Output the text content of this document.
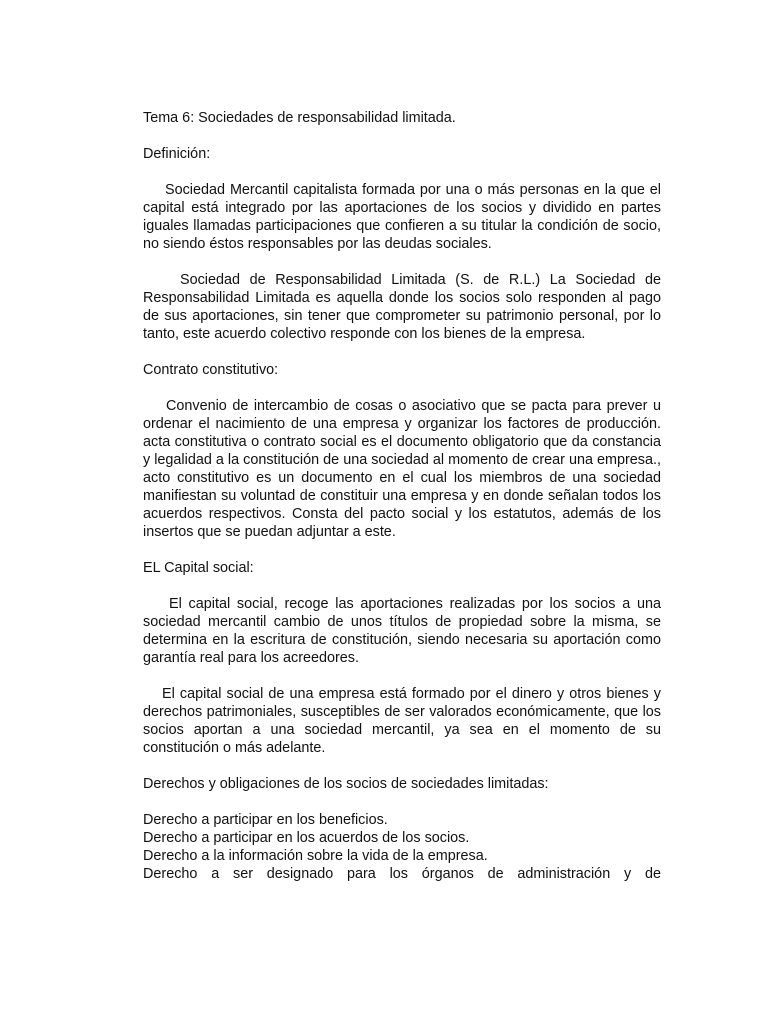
Tema 6: Sociedades de responsabilidad limitada.

Definición:

Sociedad Mercantil capitalista formada por una o más personas en la que el capital está integrado por las aportaciones de los socios y dividido en partes iguales llamadas participaciones que confieren a su titular la condición de socio, no siendo éstos responsables por las deudas sociales.

Sociedad de Responsabilidad Limitada (S. de R.L.) La Sociedad de Responsabilidad Limitada es aquella donde los socios solo responden al pago de sus aportaciones, sin tener que comprometer su patrimonio personal, por lo tanto, este acuerdo colectivo responde con los bienes de la empresa.

Contrato constitutivo:

Convenio de intercambio de cosas o asociativo que se pacta para prever u ordenar el nacimiento de una empresa y organizar los factores de producción. acta constitutiva o contrato social es el documento obligatorio que da constancia y legalidad a la constitución de una sociedad al momento de crear una empresa., acto constitutivo es un documento en el cual los miembros de una sociedad manifiestan su voluntad de constituir una empresa y en donde señalan todos los acuerdos respectivos. Consta del pacto social y los estatutos, además de los insertos que se puedan adjuntar a este.

EL Capital social:

El capital social, recoge las aportaciones realizadas por los socios a una sociedad mercantil cambio de unos títulos de propiedad sobre la misma, se determina en la escritura de constitución, siendo necesaria su aportación como garantía real para los acreedores.

El capital social de una empresa está formado por el dinero y otros bienes y derechos patrimoniales, susceptibles de ser valorados económicamente, que los socios aportan a una sociedad mercantil, ya sea en el momento de su constitución o más adelante.

Derechos y obligaciones de los socios de sociedades limitadas:

Derecho a participar en los beneficios.

Derecho a participar en los acuerdos de los socios.

Derecho a la información sobre la vida de la empresa.

Derecho a ser designado para los órganos de administración y de
